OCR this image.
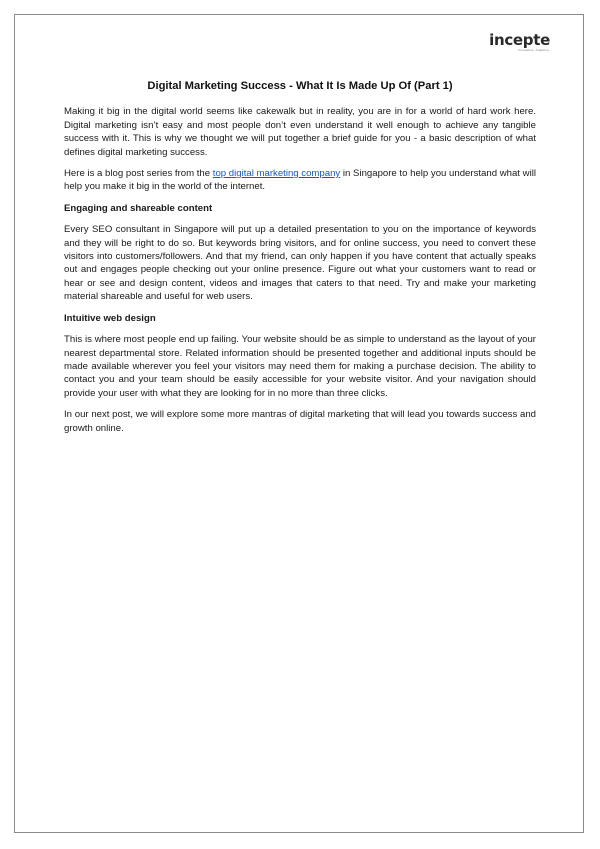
incepte
Innovative. Adaptive.
Digital Marketing Success - What It Is Made Up Of (Part 1)

Making it big in the digital world seems like cakewalk but in reality, you are in for a world of hard work here. Digital marketing isn’t easy and most people don’t even understand it well enough to achieve any tangible success with it. This is why we thought we will put together a brief guide for you - a basic description of what defines digital marketing success.

Here is a blog post series from the top digital marketing company in Singapore to help you understand what will help you make it big in the world of the internet.

Engaging and shareable content

Every SEO consultant in Singapore will put up a detailed presentation to you on the importance of keywords and they will be right to do so. But keywords bring visitors, and for online success, you need to convert these visitors into customers/followers. And that my friend, can only happen if you have content that actually speaks out and engages people checking out your online presence. Figure out what your customers want to read or hear or see and design content, videos and images that caters to that need. Try and make your marketing material shareable and useful for web users.

Intuitive web design

This is where most people end up failing. Your website should be as simple to understand as the layout of your nearest departmental store. Related information should be presented together and additional inputs should be made available wherever you feel your visitors may need them for making a purchase decision. The ability to contact you and your team should be easily accessible for your website visitor. And your navigation should provide your user with what they are looking for in no more than three clicks.

In our next post, we will explore some more mantras of digital marketing that will lead you towards success and growth online.
